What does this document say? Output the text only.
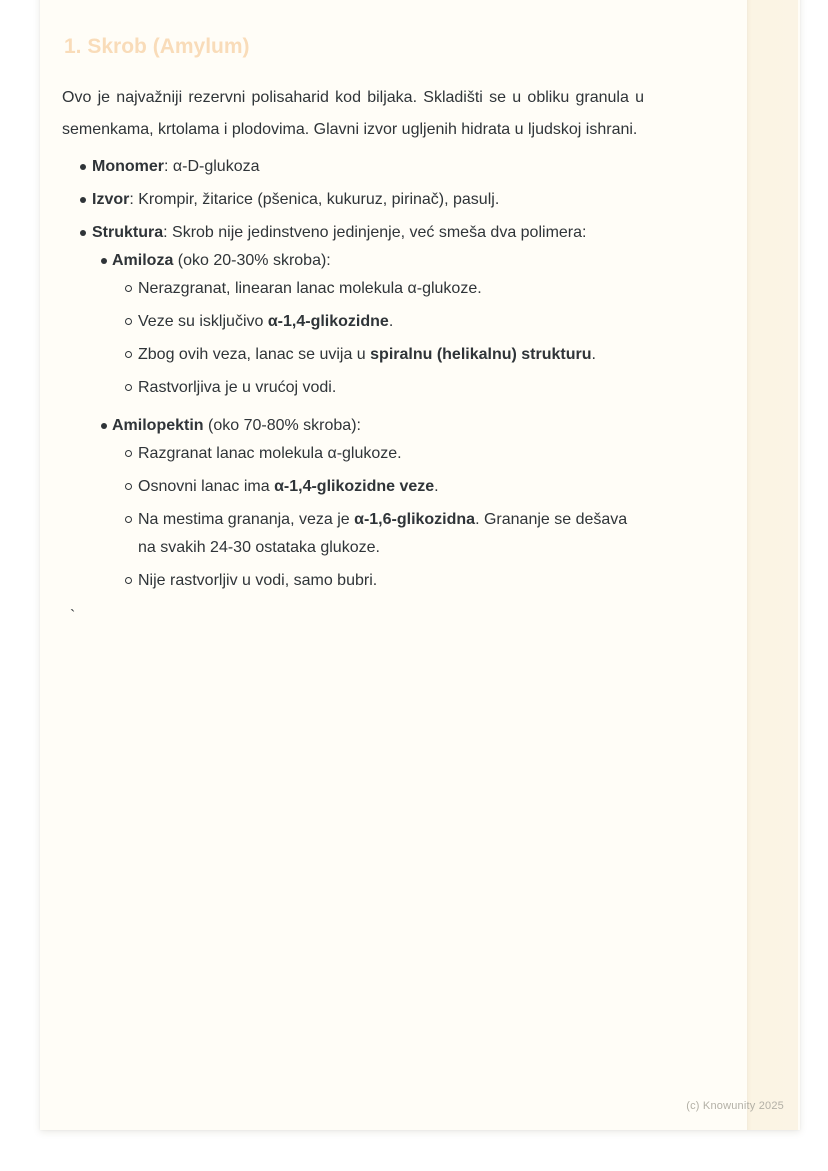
1. Skrob (Amylum)

Ovo je najvažniji rezervni polisaharid kod biljaka. Skladišti se u obliku granula u semenkama, krtolama i plodovima. Glavni izvor ugljenih hidrata u ljudskoj ishrani.

Monomer: α-D-glukoza
Izvor: Krompir, žitarice (pšenica, kukuruz, pirinač), pasulj.
Struktura: Skrob nije jedinstveno jedinjenje, već smeša dva polimera:
Amiloza (oko 20-30% skroba):
Nerazgranat, linearan lanac molekula α-glukoze.
Veze su isključivo α-1,4-glikozidne.
Zbog ovih veza, lanac se uvija u spiralnu (helikalnu) strukturu.
Rastvorljiva je u vrućoj vodi.
Amilopektin (oko 70-80% skroba):
Razgranat lanac molekula α-glukoze.
Osnovni lanac ima α-1,4-glikozidne veze.
Na mestima grananja, veza je α-1,6-glikozidna. Grananje se dešava na svakih 24-30 ostataka glukoze.
Nije rastvorljiv u vodi, samo bubri.
`
(c) Knowunity 2025
